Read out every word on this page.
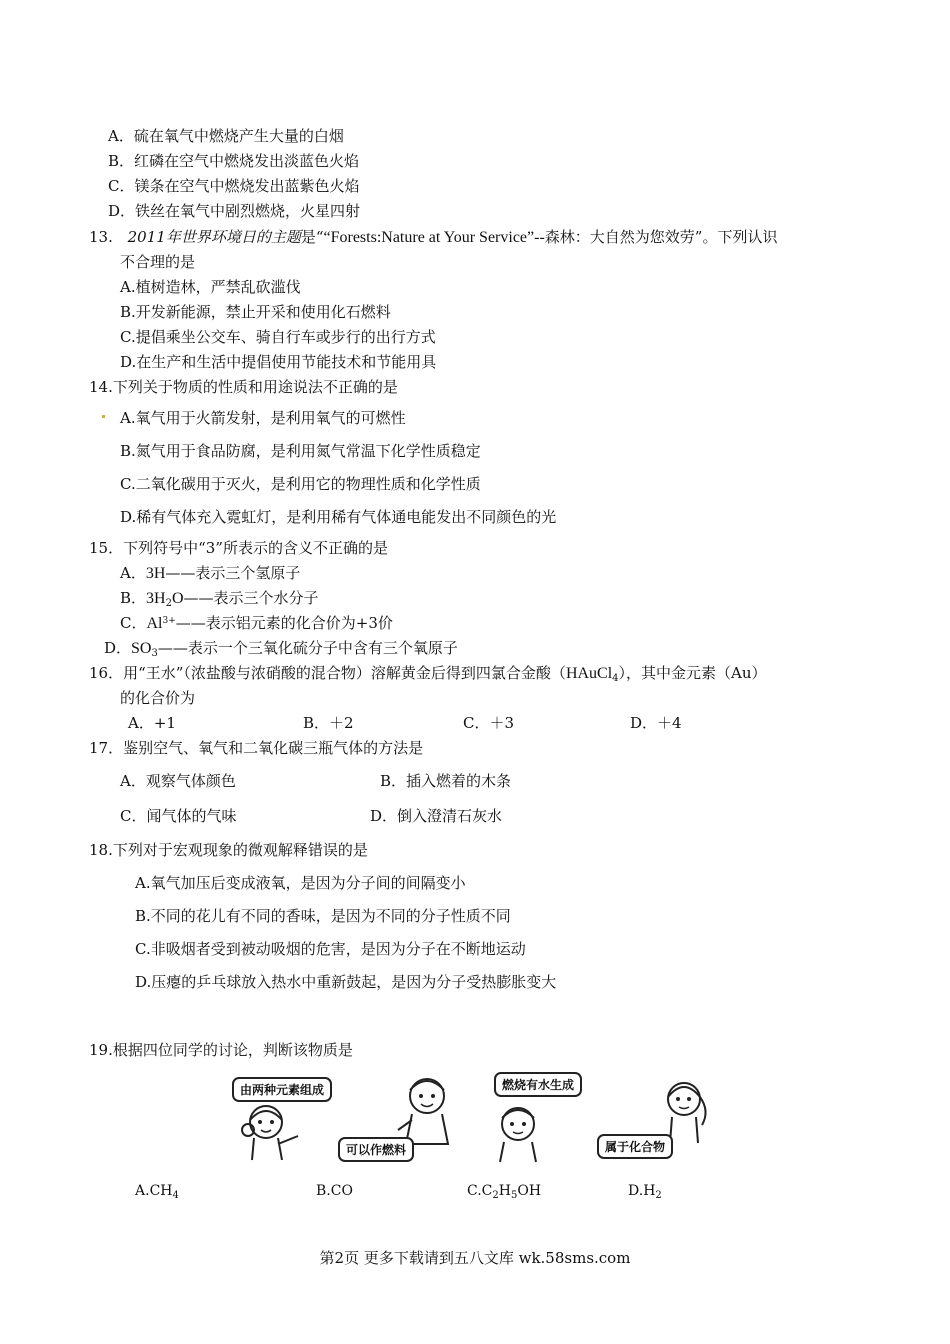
A．硫在氧气中燃烧产生大量的白烟
B．红磷在空气中燃烧发出淡蓝色火焰
C．镁条在空气中燃烧发出蓝紫色火焰
D．铁丝在氧气中剧烈燃烧，火星四射
13. 2011年世界环境日的主题是““Forests:Nature at Your Service”--森林：大自然为您效劳”。下列认识
不合理的是
A.植树造林，严禁乱砍滥伐
B.开发新能源，禁止开采和使用化石燃料
C.提倡乘坐公交车、骑自行车或步行的出行方式
D.在生产和生活中提倡使用节能技术和节能用具
14.下列关于物质的性质和用途说法不正确的是
A.氧气用于火箭发射，是利用氧气的可燃性
B.氮气用于食品防腐，是利用氮气常温下化学性质稳定
C.二氧化碳用于灭火，是利用它的物理性质和化学性质
D.稀有气体充入霓虹灯，是利用稀有气体通电能发出不同颜色的光
15．下列符号中“3”所表示的含义不正确的是
A．3H——表示三个氢原子
B．$3H_2O——$表示三个水分子
C．$Al^{3+}——$表示铝元素的化合价为+3价
D．$SO_3——$表示一个三氧化硫分子中含有三个氧原子
16．用“王水”（浓盐酸与浓硝酸的混合物）溶解黄金后得到四氯合金酸（HAuCl$_4$），其中金元素（Au）
的化合价为
A．+1	B．＋2	C．＋3	D．＋4
17．鉴别空气、氧气和二氧化碳三瓶气体的方法是
A．观察气体颜色	B．插入燃着的木条
C．闻气体的气味	D．倒入澄清石灰水
18.下列对于宏观现象的微观解释错误的是
A.氧气加压后变成液氧，是因为分子间的间隔变小
B.不同的花儿有不同的香味，是因为不同的分子性质不同
C.非吸烟者受到被动吸烟的危害，是因为分子在不断地运动
D.压瘪的乒乓球放入热水中重新鼓起，是因为分子受热膨胀变大
19.根据四位同学的讨论，判断该物质是
由两种元素组成
可以作燃料
燃烧有水生成
属于化合物
$A.CH_4$	B.CO	$C.C_2H_5OH$	$D.H_2$
第2页 更多下载请到五八文库 wk.58sms.com
